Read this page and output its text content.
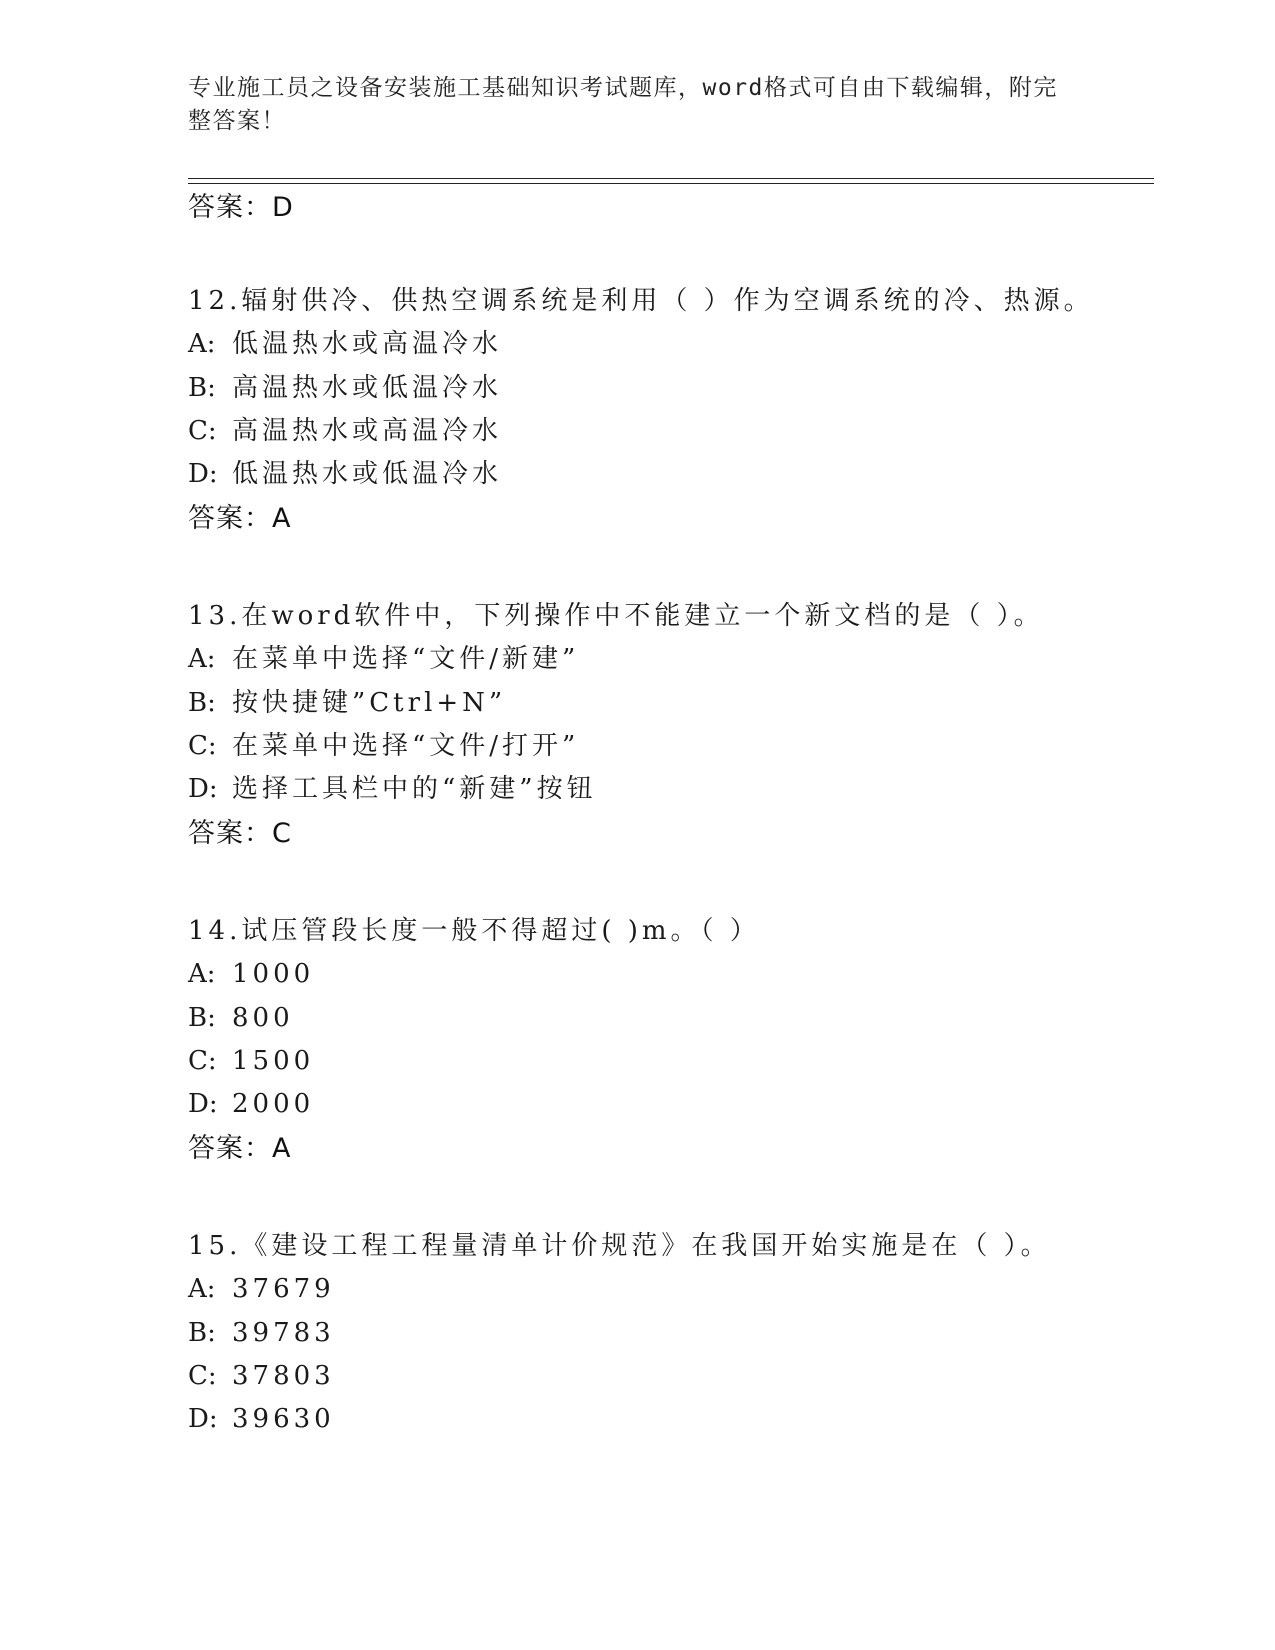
专业施工员之设备安装施工基础知识考试题库，word格式可自由下载编辑，附完
整答案！
答案：D
12.辐射供冷、供热空调系统是利用（ ）作为空调系统的冷、热源。
A: 低温热水或高温冷水
B: 高温热水或低温冷水
C: 高温热水或高温冷水
D: 低温热水或低温冷水
答案：A
13.在word软件中，下列操作中不能建立一个新文档的是（ ）。
A: 在菜单中选择“文件/新建”
B: 按快捷键”Ctrl+N”
C: 在菜单中选择“文件/打开”
D: 选择工具栏中的“新建”按钮
答案：C
14.试压管段长度一般不得超过( )m。（ ）
A: 1000
B: 800
C: 1500
D: 2000
答案：A
15.《建设工程工程量清单计价规范》在我国开始实施是在（ ）。
A: 37679
B: 39783
C: 37803
D: 39630
